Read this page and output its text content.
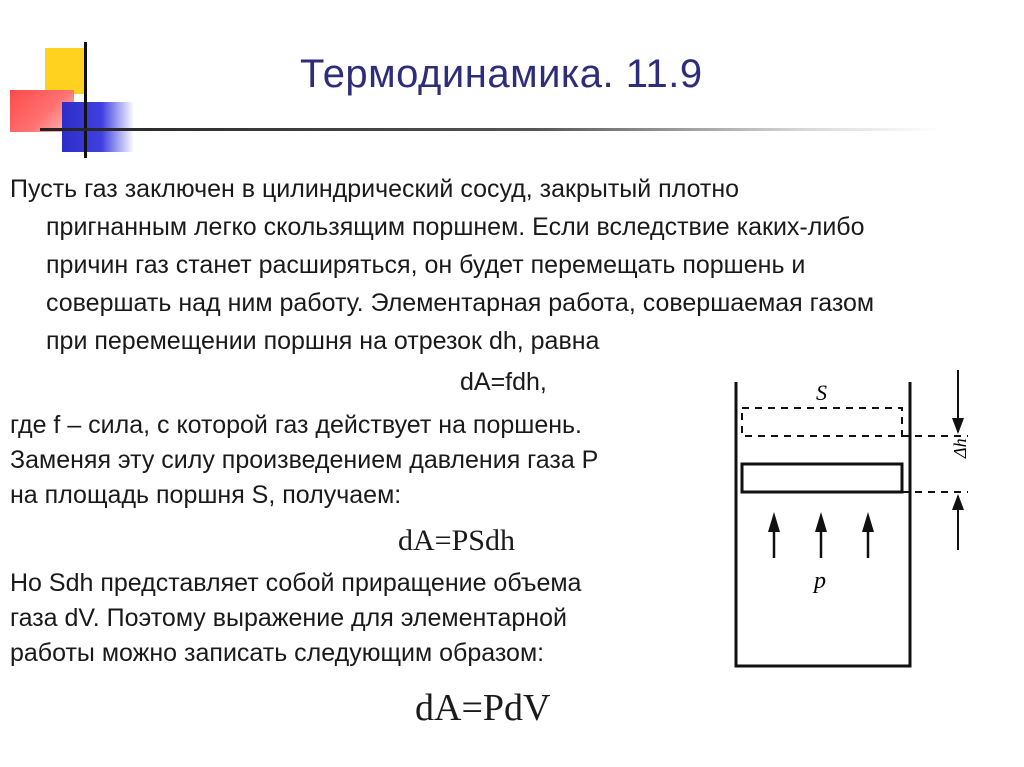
Термодинамика. 11.9
Пусть газ заключен в цилиндрический сосуд, закрытый плотно
пригнанным легко скользящим поршнем. Если вследствие каких-либо
причин газ станет расширяться, он будет перемещать поршень и
совершать над ним работу. Элементарная работа, совершаемая газом
при перемещении поршня на отрезок dh, равна
dA=fdh,
где f – сила, с которой газ действует на поршень.
Заменяя эту силу произведением давления газа P
на площадь поршня S, получаем:
dA=PSdh
Но Sdh представляет собой приращение объема
газа dV. Поэтому выражение для элементарной
работы можно записать следующим образом:
dA=PdV
Δh
S
p
